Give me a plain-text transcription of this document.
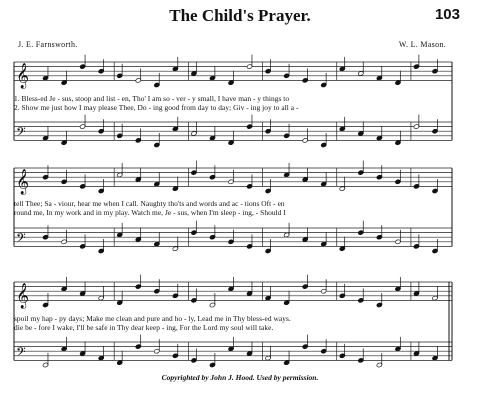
The Child's Prayer.	103
J. E. Farnsworth.	W. L. Mason.
𝄞
𝄢
𝄞
𝄢
𝄞
𝄢
1. Bless-ed Je - sus, stoop and list - en, Tho' I am so - ver - y small, I have man - y things to
2. Show me just how I may please Thee, Do - ing good from day to day; Giv - ing joy to all a -
tell Thee; Sa - viour, hear me when I call. Naughty tho'ts and words and ac - tions Oft - en
round me, In my work and in my play. Watch me, Je - sus, when I'm sleep - ing, - Should I
spoil my hap - py days; Make me clean and pure and ho - ly, Lead me in Thy bless-ed ways.
die be - fore I wake, I'll be safe in Thy dear keep - ing, For the Lord my soul will take.
Copyrighted by John J. Hood. Used by permission.
